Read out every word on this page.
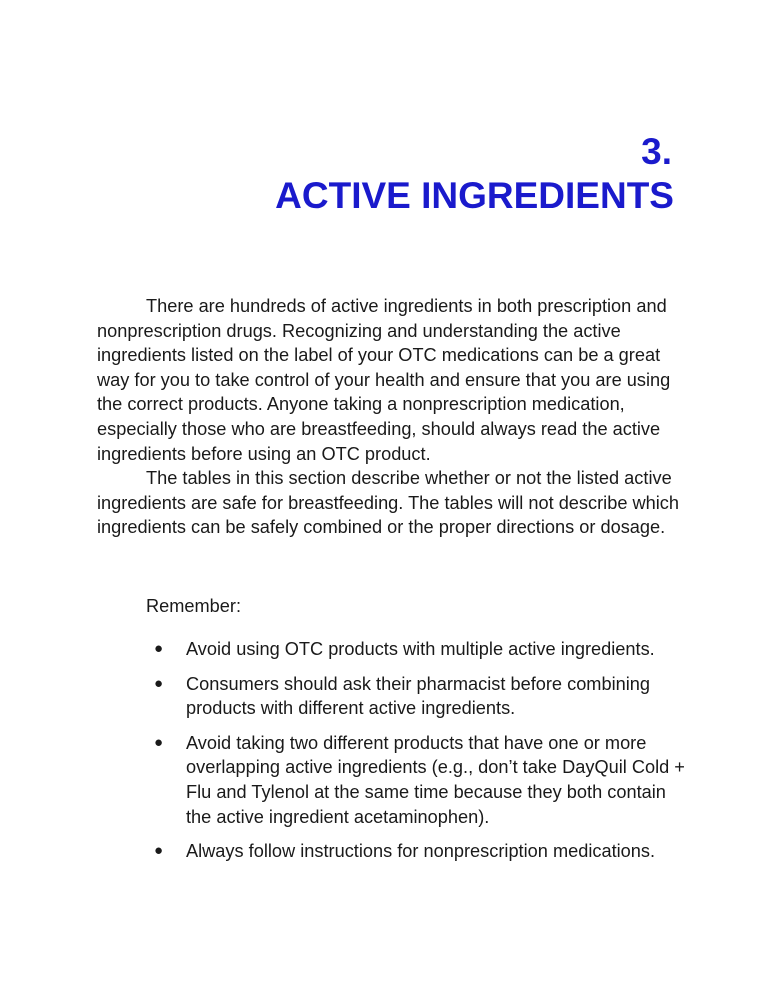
3.
ACTIVE INGREDIENTS

There are hundreds of active ingredients in both prescription and nonprescription drugs. Recognizing and understanding the active ingredients listed on the label of your OTC medications can be a great way for you to take control of your health and ensure that you are using the correct products. Anyone taking a nonprescription medication, especially those who are breastfeeding, should always read the active ingredients before using an OTC product.

The tables in this section describe whether or not the listed active ingredients are safe for breastfeeding. The tables will not describe which ingredients can be safely combined or the proper directions or dosage.

Remember:

● Avoid using OTC products with multiple active ingredients.
● Consumers should ask their pharmacist before combining products with different active ingredients.
● Avoid taking two different products that have one or more overlapping active ingredients (e.g., don’t take DayQuil Cold + Flu and Tylenol at the same time because they both contain the active ingredient acetaminophen).
● Always follow instructions for nonprescription medications.
